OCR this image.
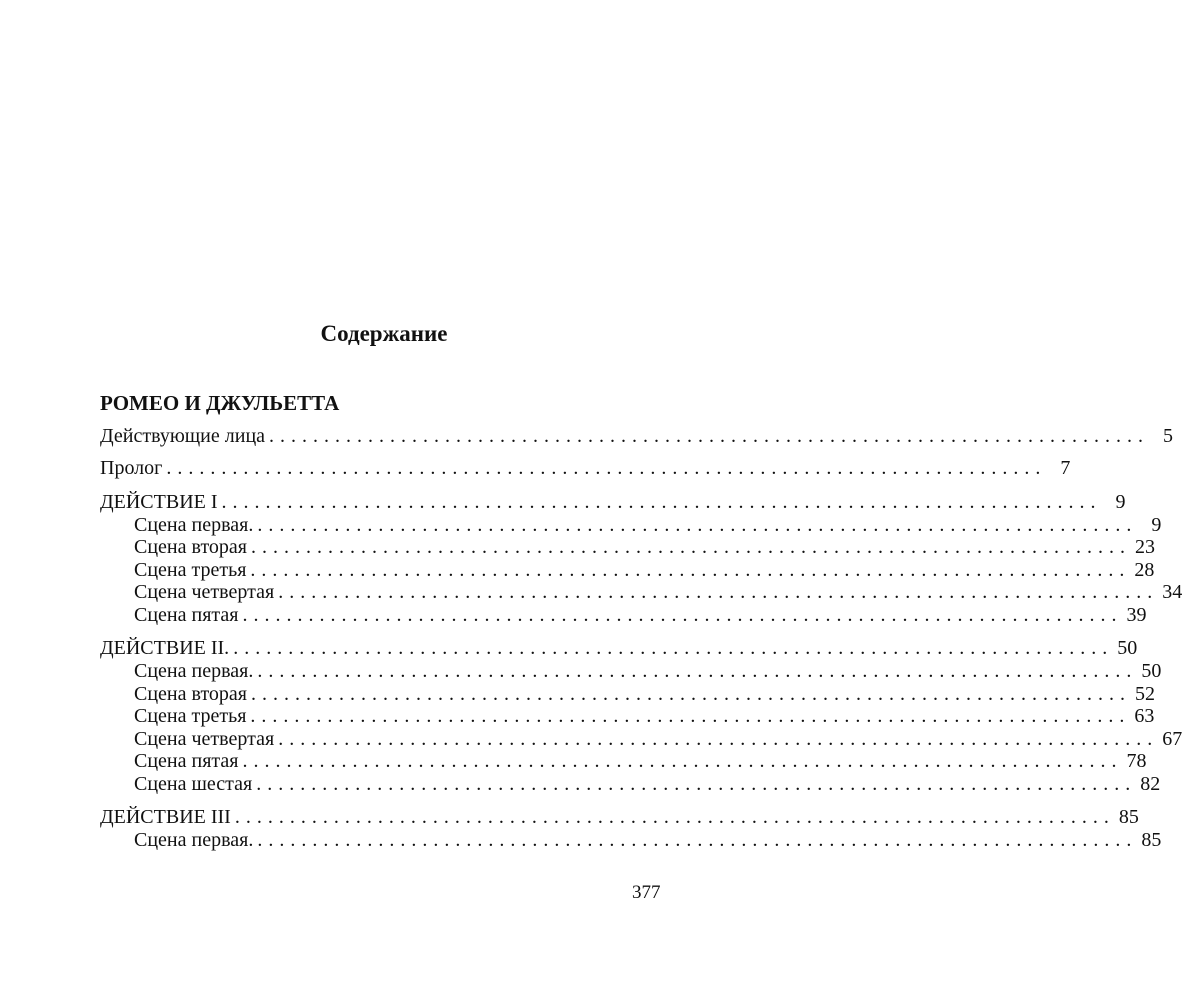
Содержание
РОМЕО И ДЖУЛЬЕТТА
Действующие лица ................................................................................ 5
Пролог ................................................................................ 7
ДЕЙСТВИЕ I ................................................................................ 9
Сцена первая. ................................................................................ 9
Сцена вторая ................................................................................ 23
Сцена третья ................................................................................ 28
Сцена четвертая ................................................................................ 34
Сцена пятая ................................................................................ 39
ДЕЙСТВИЕ II. ................................................................................ 50
Сцена первая. ................................................................................ 50
Сцена вторая ................................................................................ 52
Сцена третья ................................................................................ 63
Сцена четвертая ................................................................................ 67
Сцена пятая ................................................................................ 78
Сцена шестая ................................................................................ 82
ДЕЙСТВИЕ III ................................................................................ 85
Сцена первая. ................................................................................ 85
377
